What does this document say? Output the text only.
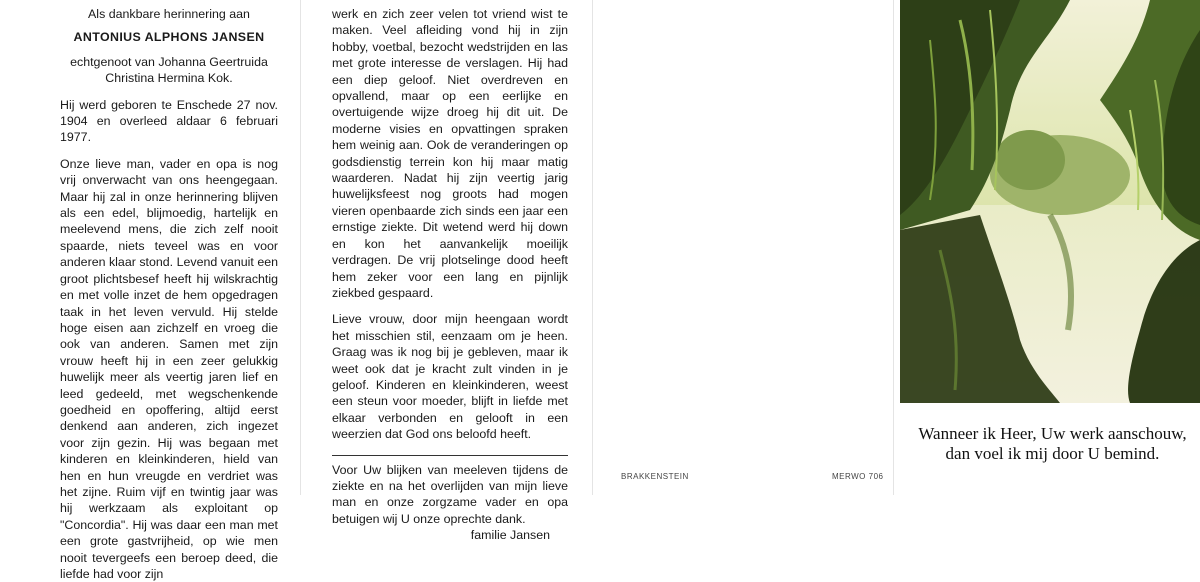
Als dankbare herinnering aan

ANTONIUS ALPHONS JANSEN

echtgenoot van Johanna Geertruida Christina Hermina Kok.

Hij werd geboren te Enschede 27 nov. 1904 en overleed aldaar 6 februari 1977.

Onze lieve man, vader en opa is nog vrij onverwacht van ons heengegaan. Maar hij zal in onze herinnering blijven als een edel, blijmoedig, hartelijk en meelevend mens, die zich zelf nooit spaarde, niets teveel was en voor anderen klaar stond. Levend vanuit een groot plichtsbesef heeft hij wilskrachtig en met volle inzet de hem opgedragen taak in het leven vervuld. Hij stelde hoge eisen aan zichzelf en vroeg die ook van anderen. Samen met zijn vrouw heeft hij in een zeer gelukkig huwelijk meer als veertig jaren lief en leed gedeeld, met wegschenkende goedheid en opoffering, altijd eerst denkend aan anderen, zich ingezet voor zijn gezin. Hij was begaan met kinderen en kleinkinderen, hield van hen en hun vreugde en verdriet was het zijne. Ruim vijf en twintig jaar was hij werkzaam als exploitant op "Concordia". Hij was daar een man met een grote gastvrijheid, op wie men nooit tevergeefs een beroep deed, die liefde had voor zijn

werk en zich zeer velen tot vriend wist te maken. Veel afleiding vond hij in zijn hobby, voetbal, bezocht wedstrijden en las met grote interesse de verslagen. Hij had een diep geloof. Niet overdreven en opvallend, maar op een eerlijke en overtuigende wijze droeg hij dit uit. De moderne visies en opvattingen spraken hem weinig aan. Ook de veranderingen op godsdienstig terrein kon hij maar matig waarderen. Nadat hij zijn veertig jarig huwelijksfeest nog groots had mogen vieren openbaarde zich sinds een jaar een ernstige ziekte. Dit wetend werd hij down en kon het aanvankelijk moeilijk verdragen. De vrij plotselinge dood heeft hem zeker voor een lang en pijnlijk ziekbed gespaard.

Lieve vrouw, door mijn heengaan wordt het misschien stil, eenzaam om je heen. Graag was ik nog bij je gebleven, maar ik weet ook dat je kracht zult vinden in je geloof. Kinderen en kleinkinderen, weest een steun voor moeder, blijft in liefde met elkaar verbonden en gelooft in een weerzien dat God ons beloofd heeft.

Voor Uw blijken van meeleven tijdens de ziekte en na het overlijden van mijn lieve man en onze zorgzame vader en opa betuigen wij U onze oprechte dank.

familie Jansen

BRAKKENSTEIN	MERWO 706
Wanneer ik Heer, Uw werk aanschouw,
dan voel ik mij door U bemind.
